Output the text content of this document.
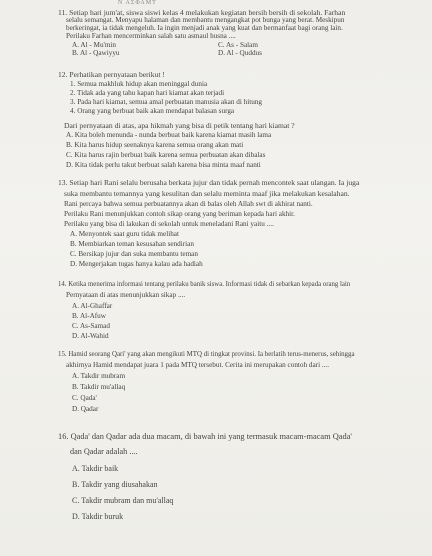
Ν ΑΣΦΑΜΤ
11. Setiap hari jum'at, siswa siswi kelas 4 melakukan kegiatan bersih bersih di sekolah. Farhan
selalu semangat. Menyapu halaman dan membantu mengangkat pot bunga yang berat. Meskipun
berkeringat, ia tidak mengeluh. Ia ingin menjadi anak yang kuat dan bermanfaat bagi orang lain.
Perilaku Farhan mencerminkan salah satu asmaul husna ....
A. Al - Mu'min
B. Al - Qawiyyu
C. As - Salam
D. Al - Quddus
12. Perhatikan pernyataan berikut !
1. Semua makhluk hidup akan meninggal dunia
2. Tidak ada yang tahu kapan hari kiamat akan terjadi
3. Pada hari kiamat, semua amal perbuatan manusia akan di hitung
4. Orang yang berbuat baik akan mendapat balasan surga
Dari pernyataan di atas, apa hikmah yang bisa di petik tentang hari kiamat ?
A. Kita boleh menunda - nunda berbuat baik karena kiamat masih lama
B. Kita harus hidup seenaknya karena semua orang akan mati
C. Kita harus rajin berbuat baik karena semua perbuatan akan dibalas
D. Kita tidak perlu takut berbuat salah karena bisa minta maaf nanti
13. Setiap hari Rani selalu berusaha berkata jujur dan tidak pernah mencontek saat ulangan. Ia juga
suka membantu temannya yang kesulitan dan selalu meminta maaf jika melakukan kesalahan.
Rani percaya bahwa semua perbuatannya akan di balas oleh Allah swt di akhirat nanti.
Perilaku Rani menunjukkan contoh sikap orang yang beriman kepada hari akhir.
Perilaku yang bisa di lakukan di sekolah untuk meneladani Rani yaitu ....
A. Menyontek saat guru tidak melihat
B. Membiarkan teman kesusahan sendirian
C. Bersikap jujur dan suka membantu teman
D. Mengerjakan tugas hanya kalau ada hadiah
14. Ketika menerima informasi tentang perilaku banik siswa. Informasi tidak di sebarkan kepada orang lain
Pernyataan di atas menunjukkan sikap ....
A. Al-Ghaffar
B. Al-Afuw
C. As-Samad
D. Al-Wahid
15. Hamid seorang Qari' yang akan mengikuti MTQ di tingkat provinsi. Ia berlatih terus-menerus, sehingga
akhirnya Hamid mendapat juara 1 pada MTQ tersebut. Cerita ini merupakan contoh dari ....
A. Takdir mubram
B. Takdir mu'allaq
C. Qada'
D. Qadar
16. Qada' dan Qadar ada dua macam, di bawah ini yang termasuk macam-macam Qada'
dan Qadar adalah ....
A. Takdir baik
B. Takdir yang diusahakan
C. Takdir mubram dan mu'allaq
D. Takdir buruk
